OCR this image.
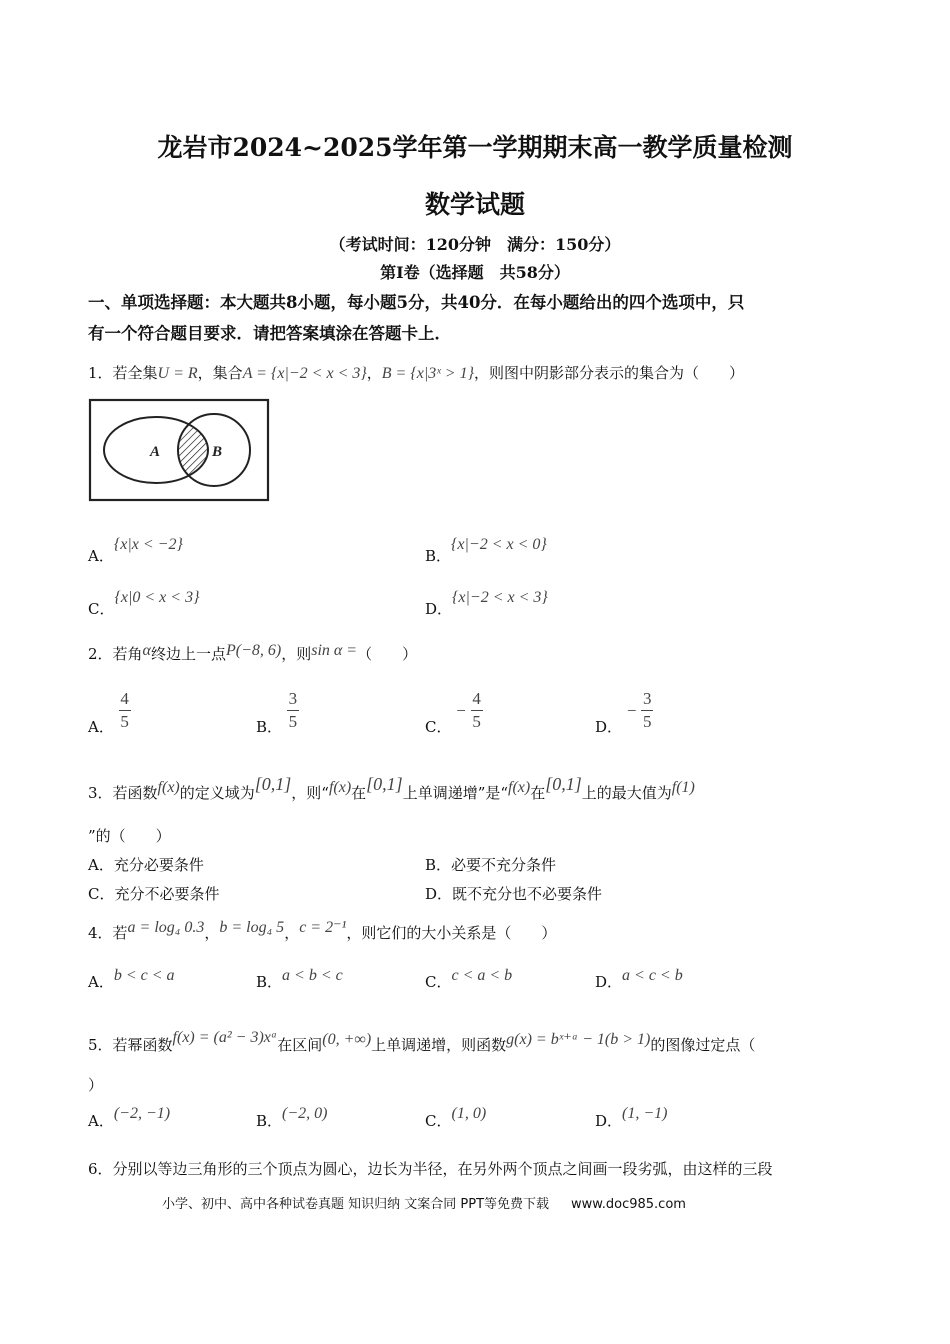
龙岩市2024~2025学年第一学期期末高一教学质量检测
数学试题
（考试时间：120分钟　满分：150分）
第Ⅰ卷（选择题　共58分）
一、单项选择题：本大题共8小题，每小题5分，共40分．在每小题给出的四个选项中，只
有一个符合题目要求．请把答案填涂在答题卡上．
1．若全集U = R，集合A = {x|−2 < x < 3}，B = {x|3ˣ > 1}，则图中阴影部分表示的集合为（　　）
A	B
A．{x|x < −2}
B．{x|−2 < x < 0}
C．{x|0 < x < 3}
D．{x|−2 < x < 3}
2．若角α终边上一点P(−8, 6)，则sin α =（　　）
A． $\frac{4}{5}$	B． $\frac{3}{5}$	C． − $\frac{4}{5}$	D． − $\frac{3}{5}$
3．若函数f(x)的定义域为[0,1]，则“f(x)在[0,1]上单调递增”是“f(x)在[0,1]上的最大值为f(1)
”的（　　）
A．充分必要条件	B．必要不充分条件
C．充分不必要条件	D．既不充分也不必要条件
4．若a = log₄ 0.3，b = log₄ 5，c = 2⁻¹，则它们的大小关系是（　　）
A．b < c < a	B．a < b < c	C．c < a < b	D．a < c < b
5．若幂函数f(x) = (a² − 3)xᵃ在区间(0, +∞)上单调递增，则函数g(x) = bˣ⁺ᵃ − 1(b > 1)的图像过定点（
）
A．(−2, −1)	B．(−2, 0)	C．(1, 0)	D．(1, −1)
6．分别以等边三角形的三个顶点为圆心，边长为半径，在另外两个顶点之间画一段劣弧，由这样的三段
小学、初中、高中各种试卷真题 知识归纳 文案合同 PPT等免费下载 www.doc985.com
